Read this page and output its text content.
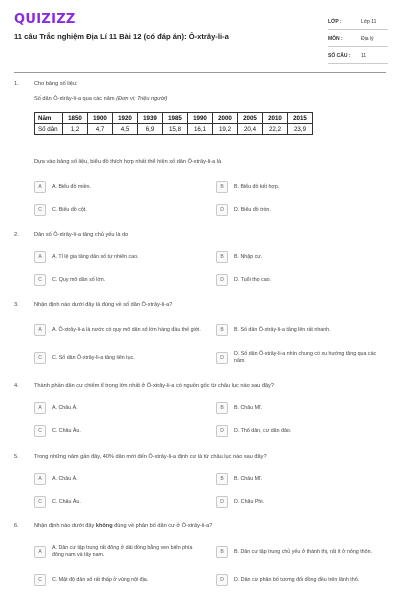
QUIZIZZ
11 câu Trắc nghiệm Địa Lí 11 Bài 12 (có đáp án): Ô-xtrây-li-a
LỚP :	Lớp 11
MÔN :	Địa lý
SỐ CÂU :	11
1.	Cho bảng số liệu:
Số dân Ô-xtrây-li-a qua các năm (Đơn vị: Triệu người)
Năm	1850	1900	1920	1939	1985	1990	2000	2005	2010	2015
Số dân	1,2	4,7	4,5	6,9	15,8	16,1	19,2	20,4	22,2	23,9
Dựa vào bảng số liệu, biểu đồ thích hợp nhất thể hiện số dân Ô-xtrây-li-a là
A	A. Biểu đồ miền.	B	B. Biểu đồ kết hợp.
C	C. Biểu đồ cột.	D	D. Biểu đồ tròn.
2.	Dân số Ô-xtrây-li-a tăng chủ yếu là do
A	A. Tỉ lệ gia tăng dân số tự nhiên cao.	B	B. Nhập cư.
C	C. Quy mô dân số lớn.	D	D. Tuổi thọ cao.
3.	Nhận định nào dưới đây là đúng về số dân Ô-xtrây-li-a?
A	A. Ô-xtrây-li-a là nước có quy mô dân số lớn hàng đầu thế giới.	B	B. Số dân Ô-xtrây-li-a tăng lên rất nhanh.
C	C. Số dân Ô-xtrây-li-a tăng liên tục.	D
D. Số dân Ô-xtrây-li-a nhìn chung có xu hướng tăng qua các năm.
4.	Thành phần dân cư chiếm tỉ trọng lớn nhất ở Ô-xtrây-li-a có nguồn gốc từ châu lục nào sau đây?
A	A. Châu Á.	B	B. Châu Mĩ.
C	C. Châu Âu.	D	D. Thổ dân, cư dân đảo.
5.	Trong những năm gần đây, 40% dân mới đến Ô-xtrây-li-a định cư là từ châu lục nào sau đây?
A	A. Châu Á.	B	B. Châu Mĩ.
C	C. Châu Âu.	D	D. Châu Phi.
6.	Nhận định nào dưới đây không đúng về phân bố dân cư ở Ô-xtrây-li-a?
A
A. Dân cư tập trung rất đông ở dải đồng bằng ven biển phía đông nam và tây nam.	B	B. Dân cư tập trung chủ yếu ở thành thị, rất ít ở nông thôn.
C	C. Mật độ dân số rất thấp ở vùng nội địa.	D	D. Dân cư phân bố tương đối đồng đều trên lãnh thổ.
